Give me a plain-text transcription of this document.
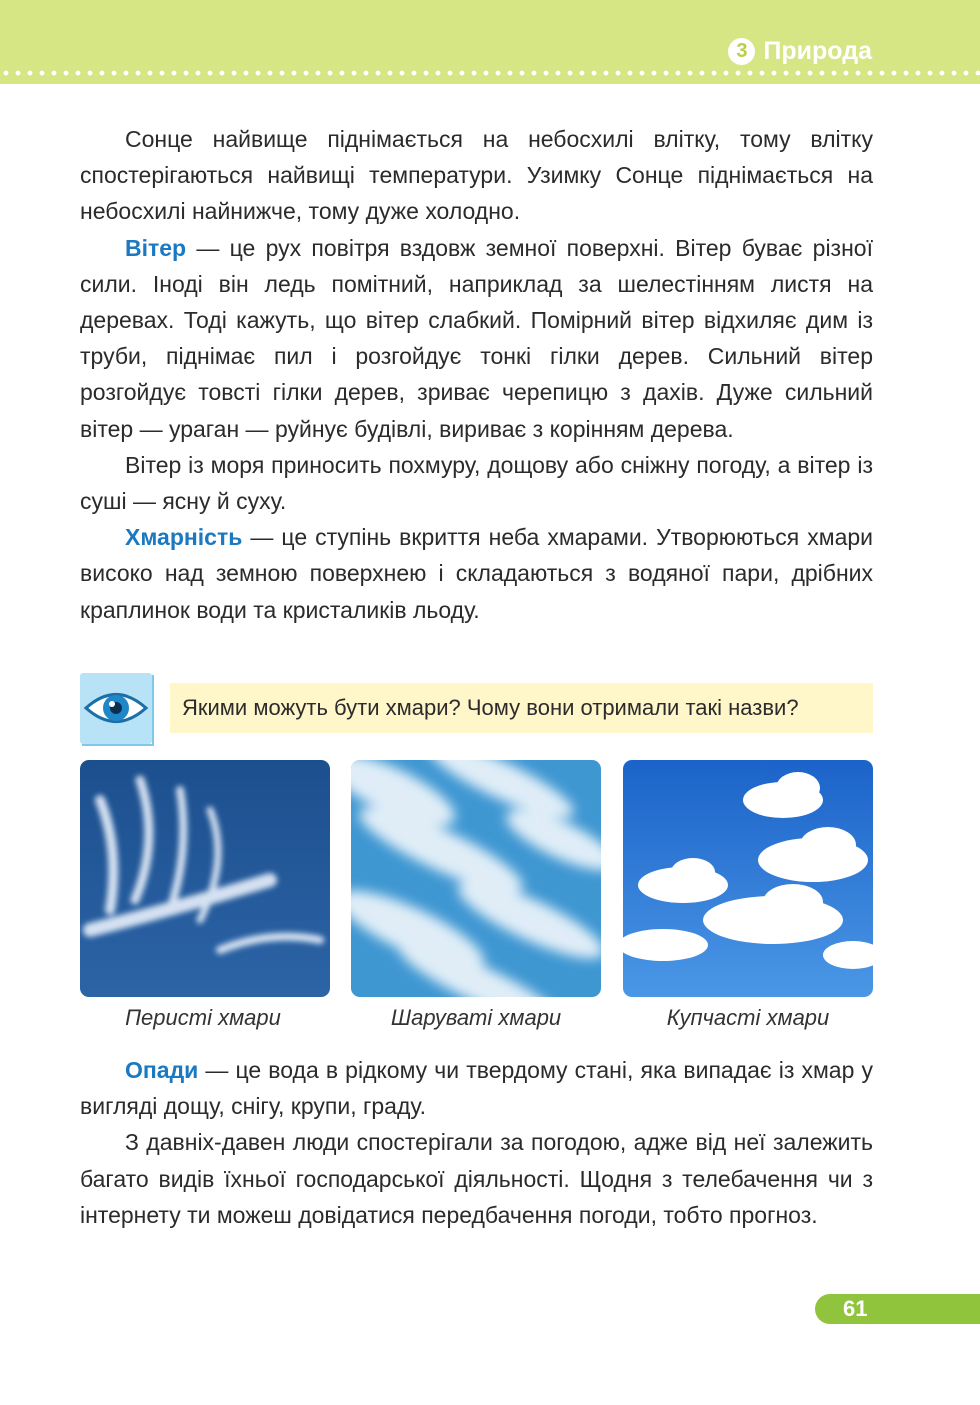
3 Природа

Сонце найвище піднімається на небосхилі влітку, тому влітку спостерігаються найвищі температури. Узимку Сонце піднімається на небосхилі найнижче, тому дуже холодно.

Вітер — це рух повітря вздовж земної поверхні. Вітер буває різної сили. Іноді він ледь помітний, наприклад за шелестінням листя на деревах. Тоді кажуть, що вітер слабкий. Помірний вітер відхиляє дим із труби, піднімає пил і розгойдує тонкі гілки дерев. Сильний вітер розгойдує товсті гілки дерев, зриває черепицю з дахів. Дуже сильний вітер — ураган — руйнує будівлі, вириває з корінням дерева.

Вітер із моря приносить похмуру, дощову або сніжну погоду, а вітер із суші — ясну й суху.

Хмарність — це ступінь вкриття неба хмарами. Утворюються хмари високо над земною поверхнею і складаються з водяної пари, дрібних краплинок води та кристаликів льоду.

Якими можуть бути хмари? Чому вони отримали такі назви?
Перисті хмари	Шаруваті хмари	Купчасті хмари

Опади — це вода в рідкому чи твердому стані, яка випадає із хмар у вигляді дощу, снігу, крупи, граду.

З давніх-давен люди спостерігали за погодою, адже від неї залежить багато видів їхньої господарської діяльності. Щодня з телебачення чи з інтернету ти можеш довідатися передбачення погоди, тобто прогноз.

61
